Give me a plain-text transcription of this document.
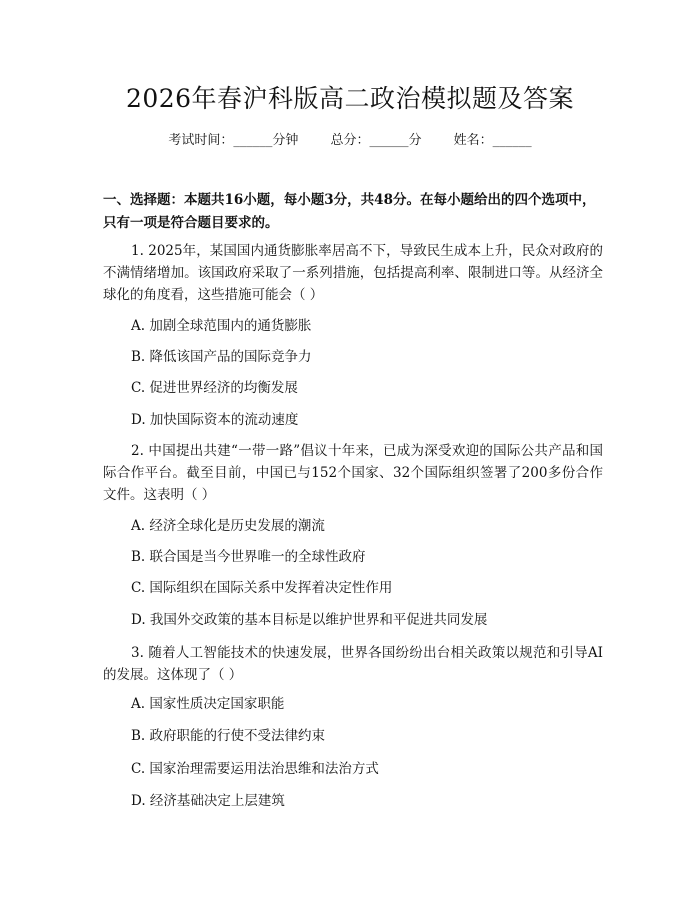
2026年春沪科版高二政治模拟题及答案
考试时间：______分钟 总分：______分 姓名：______
一、选择题：本题共16小题，每小题3分，共48分。在每小题给出的四个选项中，只有一项是符合题目要求的。
1. 2025年，某国国内通货膨胀率居高不下，导致民生成本上升，民众对政府的不满情绪增加。该国政府采取了一系列措施，包括提高利率、限制进口等。从经济全球化的角度看，这些措施可能会（ ）
A. 加剧全球范围内的通货膨胀
B. 降低该国产品的国际竞争力
C. 促进世界经济的均衡发展
D. 加快国际资本的流动速度
2. 中国提出共建“一带一路”倡议十年来，已成为深受欢迎的国际公共产品和国际合作平台。截至目前，中国已与152个国家、32个国际组织签署了200多份合作文件。这表明（ ）
A. 经济全球化是历史发展的潮流
B. 联合国是当今世界唯一的全球性政府
C. 国际组织在国际关系中发挥着决定性作用
D. 我国外交政策的基本目标是以维护世界和平促进共同发展
3. 随着人工智能技术的快速发展，世界各国纷纷出台相关政策以规范和引导AI的发展。这体现了（ ）
A. 国家性质决定国家职能
B. 政府职能的行使不受法律约束
C. 国家治理需要运用法治思维和法治方式
D. 经济基础决定上层建筑
